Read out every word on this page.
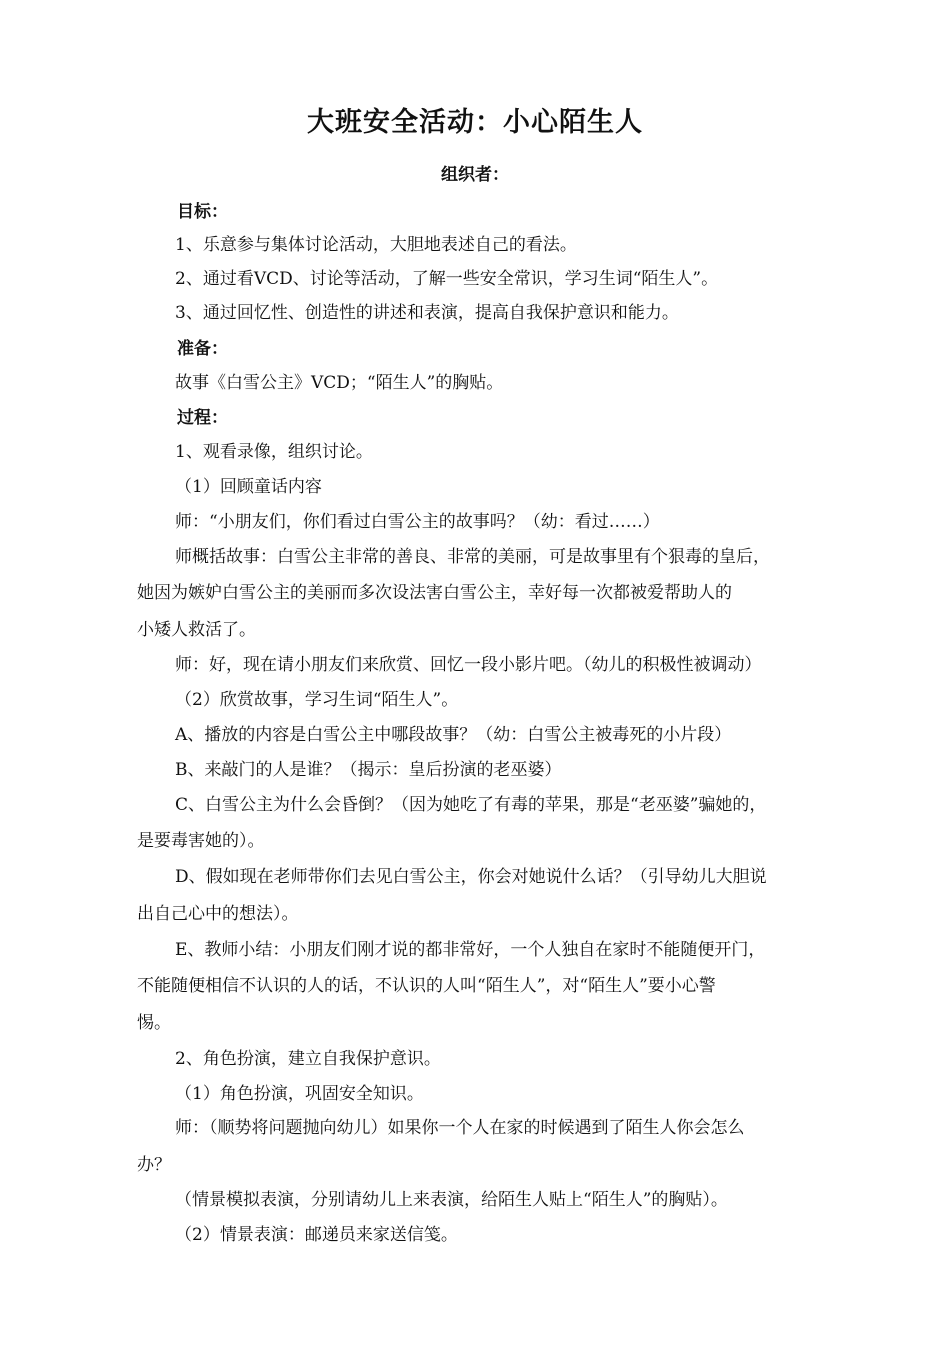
大班安全活动：小心陌生人
组织者：
目标：
1、乐意参与集体讨论活动，大胆地表述自己的看法。
2、通过看VCD、讨论等活动，了解一些安全常识，学习生词“陌生人”。
3、通过回忆性、创造性的讲述和表演，提高自我保护意识和能力。
准备：
故事《白雪公主》VCD；“陌生人”的胸贴。
过程：
1、观看录像，组织讨论。
（1）回顾童话内容
师：“小朋友们，你们看过白雪公主的故事吗？（幼：看过……）
师概括故事：白雪公主非常的善良、非常的美丽，可是故事里有个狠毒的皇后，
她因为嫉妒白雪公主的美丽而多次设法害白雪公主，幸好每一次都被爱帮助人的
小矮人救活了。
师：好，现在请小朋友们来欣赏、回忆一段小影片吧。（幼儿的积极性被调动）
（2）欣赏故事，学习生词“陌生人”。
A、播放的内容是白雪公主中哪段故事？（幼：白雪公主被毒死的小片段）
B、来敲门的人是谁？（揭示：皇后扮演的老巫婆）
C、白雪公主为什么会昏倒？（因为她吃了有毒的苹果，那是“老巫婆”骗她的，
是要毒害她的）。
D、假如现在老师带你们去见白雪公主，你会对她说什么话？（引导幼儿大胆说
出自己心中的想法）。
E、教师小结：小朋友们刚才说的都非常好，一个人独自在家时不能随便开门，
不能随便相信不认识的人的话，不认识的人叫“陌生人”，对“陌生人”要小心警
惕。
2、角色扮演，建立自我保护意识。
（1）角色扮演，巩固安全知识。
师：（顺势将问题抛向幼儿）如果你一个人在家的时候遇到了陌生人你会怎么
办？
（情景模拟表演，分别请幼儿上来表演，给陌生人贴上“陌生人”的胸贴）。
（2）情景表演：邮递员来家送信笺。
